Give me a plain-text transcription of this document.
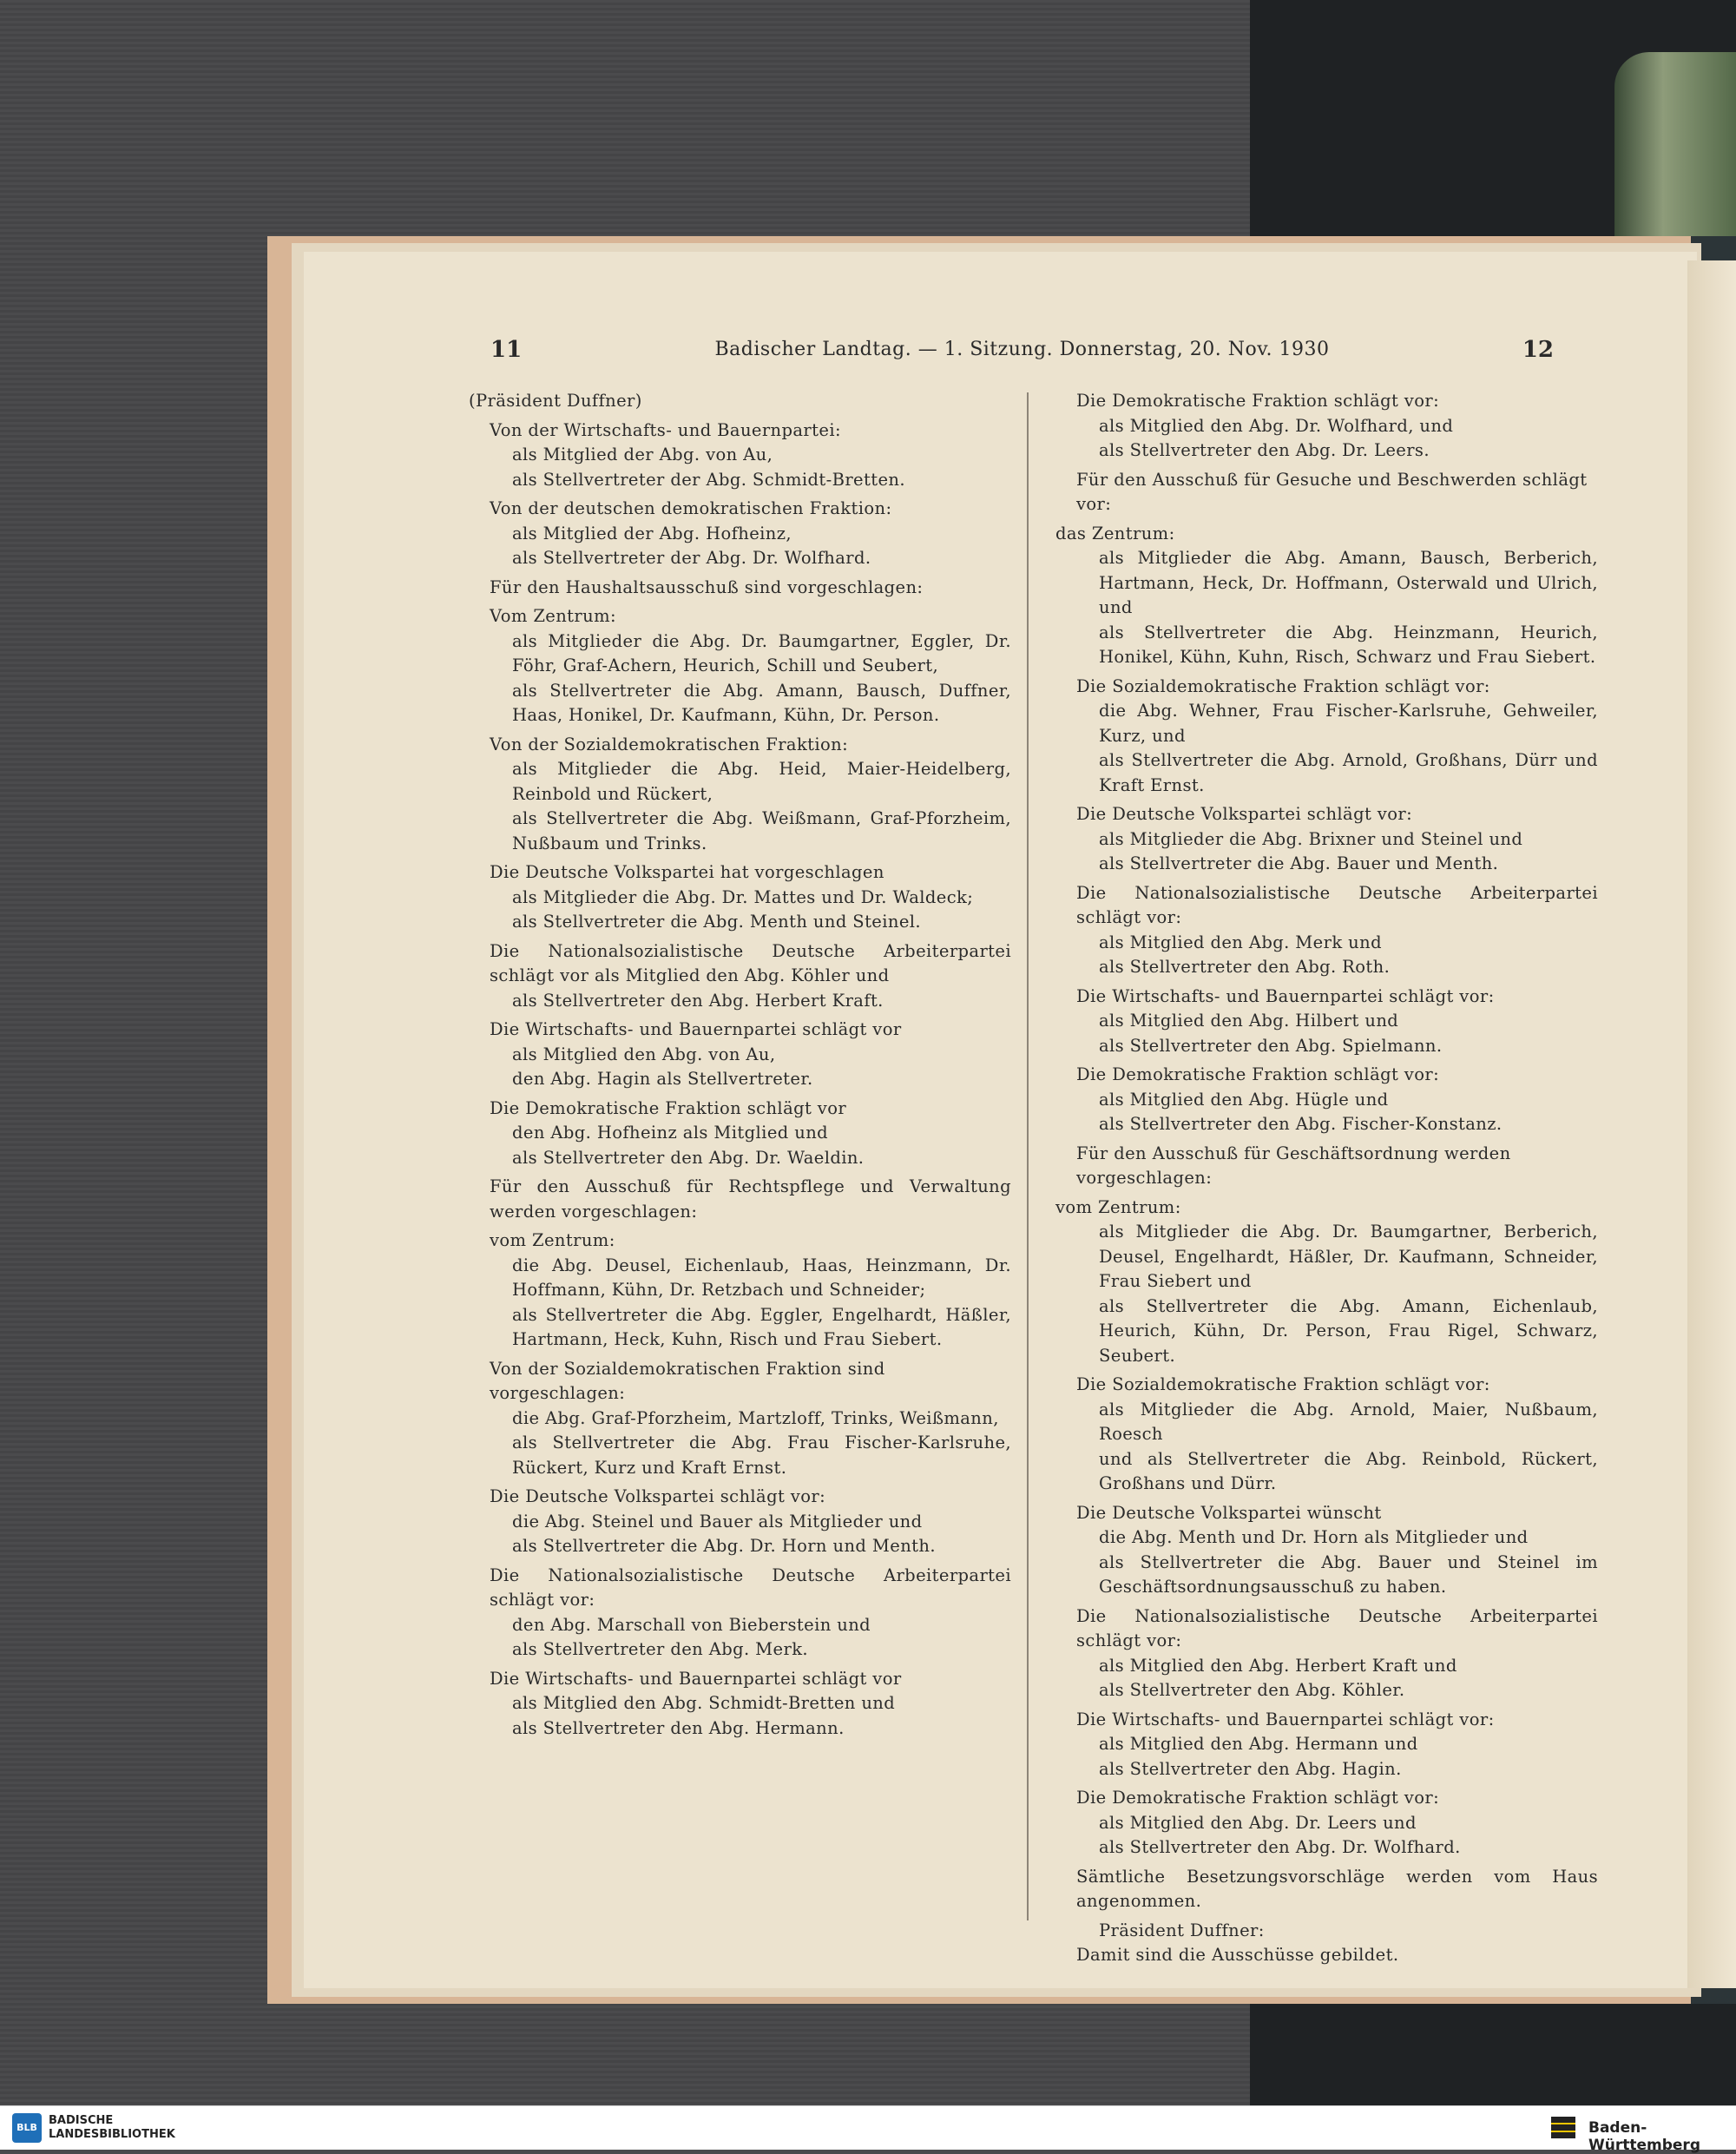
11	Badischer Landtag. — 1. Sitzung. Donnerstag, 20. Nov. 1930	12

(Präsident Duffner)

Von der Wirtschafts- und Bauernpartei:

als Mitglied der Abg. von Au,

als Stellvertreter der Abg. Schmidt-Bretten.

Von der deutschen demokratischen Fraktion:

als Mitglied der Abg. Hofheinz,

als Stellvertreter der Abg. Dr. Wolfhard.

Für den Haushaltsausschuß sind vorgeschlagen:

Vom Zentrum:

als Mitglieder die Abg. Dr. Baumgartner, Eggler, Dr. Föhr, Graf-Achern, Heurich, Schill und Seubert,

als Stellvertreter die Abg. Amann, Bausch, Duffner, Haas, Honikel, Dr. Kaufmann, Kühn, Dr. Person.

Von der Sozialdemokratischen Fraktion:

als Mitglieder die Abg. Heid, Maier-Heidelberg, Reinbold und Rückert,

als Stellvertreter die Abg. Weißmann, Graf-Pforzheim, Nußbaum und Trinks.

Die Deutsche Volkspartei hat vorgeschlagen

als Mitglieder die Abg. Dr. Mattes und Dr. Waldeck;

als Stellvertreter die Abg. Menth und Steinel.

Die Nationalsozialistische Deutsche Arbeiterpartei schlägt vor als Mitglied den Abg. Köhler und

als Stellvertreter den Abg. Herbert Kraft.

Die Wirtschafts- und Bauernpartei schlägt vor

als Mitglied den Abg. von Au,

den Abg. Hagin als Stellvertreter.

Die Demokratische Fraktion schlägt vor

den Abg. Hofheinz als Mitglied und

als Stellvertreter den Abg. Dr. Waeldin.

Für den Ausschuß für Rechtspflege und Verwaltung werden vorgeschlagen:

vom Zentrum:

die Abg. Deusel, Eichenlaub, Haas, Heinzmann, Dr. Hoffmann, Kühn, Dr. Retzbach und Schneider;

als Stellvertreter die Abg. Eggler, Engelhardt, Häßler, Hartmann, Heck, Kuhn, Risch und Frau Siebert.

Von der Sozialdemokratischen Fraktion sind vorgeschlagen:

die Abg. Graf-Pforzheim, Martzloff, Trinks, Weißmann,

als Stellvertreter die Abg. Frau Fischer-Karlsruhe, Rückert, Kurz und Kraft Ernst.

Die Deutsche Volkspartei schlägt vor:

die Abg. Steinel und Bauer als Mitglieder und

als Stellvertreter die Abg. Dr. Horn und Menth.

Die Nationalsozialistische Deutsche Arbeiterpartei schlägt vor:

den Abg. Marschall von Bieberstein und

als Stellvertreter den Abg. Merk.

Die Wirtschafts- und Bauernpartei schlägt vor

als Mitglied den Abg. Schmidt-Bretten und

als Stellvertreter den Abg. Hermann.

Die Demokratische Fraktion schlägt vor:

als Mitglied den Abg. Dr. Wolfhard, und

als Stellvertreter den Abg. Dr. Leers.

Für den Ausschuß für Gesuche und Beschwerden schlägt vor:

das Zentrum:

als Mitglieder die Abg. Amann, Bausch, Berberich, Hartmann, Heck, Dr. Hoffmann, Osterwald und Ulrich, und

als Stellvertreter die Abg. Heinzmann, Heurich, Honikel, Kühn, Kuhn, Risch, Schwarz und Frau Siebert.

Die Sozialdemokratische Fraktion schlägt vor:

die Abg. Wehner, Frau Fischer-Karlsruhe, Gehweiler, Kurz, und

als Stellvertreter die Abg. Arnold, Großhans, Dürr und Kraft Ernst.

Die Deutsche Volkspartei schlägt vor:

als Mitglieder die Abg. Brixner und Steinel und

als Stellvertreter die Abg. Bauer und Menth.

Die Nationalsozialistische Deutsche Arbeiterpartei schlägt vor:

als Mitglied den Abg. Merk und

als Stellvertreter den Abg. Roth.

Die Wirtschafts- und Bauernpartei schlägt vor:

als Mitglied den Abg. Hilbert und

als Stellvertreter den Abg. Spielmann.

Die Demokratische Fraktion schlägt vor:

als Mitglied den Abg. Hügle und

als Stellvertreter den Abg. Fischer-Konstanz.

Für den Ausschuß für Geschäftsordnung werden vorgeschlagen:

vom Zentrum:

als Mitglieder die Abg. Dr. Baumgartner, Berberich, Deusel, Engelhardt, Häßler, Dr. Kaufmann, Schneider, Frau Siebert und

als Stellvertreter die Abg. Amann, Eichenlaub, Heurich, Kühn, Dr. Person, Frau Rigel, Schwarz, Seubert.

Die Sozialdemokratische Fraktion schlägt vor:

als Mitglieder die Abg. Arnold, Maier, Nußbaum, Roesch

und als Stellvertreter die Abg. Reinbold, Rückert, Großhans und Dürr.

Die Deutsche Volkspartei wünscht

die Abg. Menth und Dr. Horn als Mitglieder und

als Stellvertreter die Abg. Bauer und Steinel im Geschäftsordnungsausschuß zu haben.

Die Nationalsozialistische Deutsche Arbeiterpartei schlägt vor:

als Mitglied den Abg. Herbert Kraft und

als Stellvertreter den Abg. Köhler.

Die Wirtschafts- und Bauernpartei schlägt vor:

als Mitglied den Abg. Hermann und

als Stellvertreter den Abg. Hagin.

Die Demokratische Fraktion schlägt vor:

als Mitglied den Abg. Dr. Leers und

als Stellvertreter den Abg. Dr. Wolfhard.

Sämtliche Besetzungsvorschläge werden vom Haus angenommen.

Präsident Duffner:

Damit sind die Ausschüsse gebildet.

BLB
BADISCHE
LANDESBIBLIOTHEK	Baden-Württemberg
